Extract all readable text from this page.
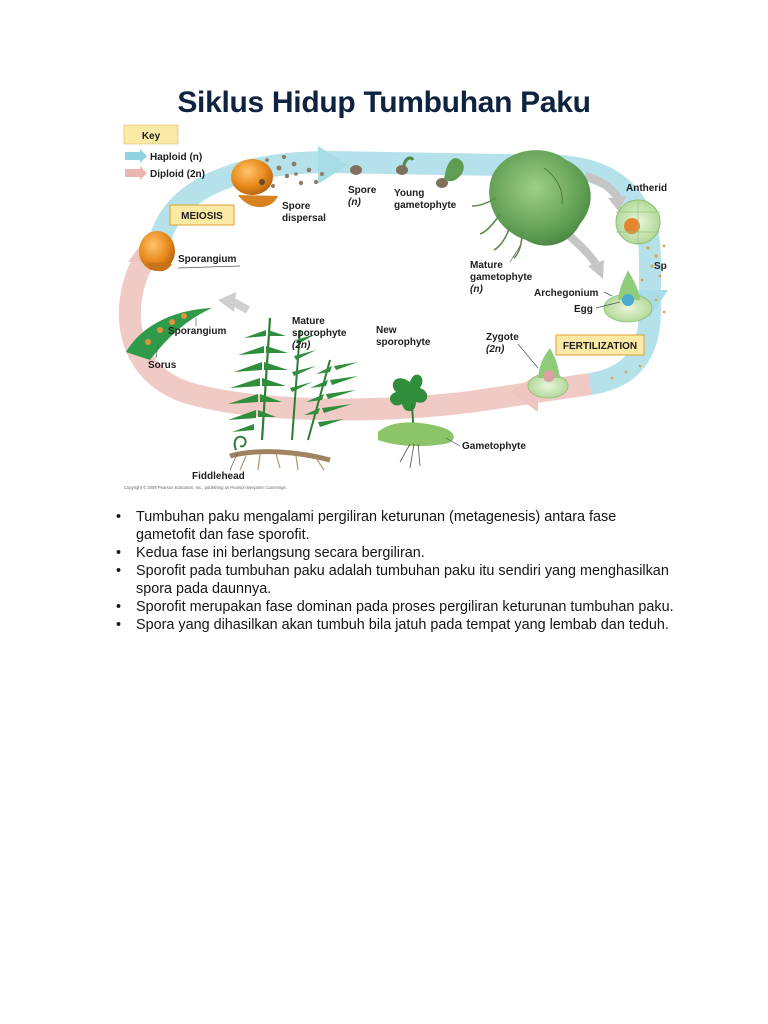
Siklus Hidup Tumbuhan Paku
Key
Haploid (n)
Diploid (2n)
MEIOSIS
FERTILIZATION
Spore
dispersal
Spore
(n)
Young
gametophyte
Antherid
Sp
Sporangium
Mature
gametophyte
(n)	Archegonium
Egg
Sporangium
Sorus
Mature
sporophyte
(2n)
New
sporophyte	Zygote
(2n)
Gametophyte
Fiddlehead
Copyright © 2008 Pearson Education, Inc., publishing as Pearson Benjamin Cummings.
• Tumbuhan paku mengalami pergiliran keturunan (metagenesis) antara fase gametofit dan fase sporofit.
• Kedua fase ini berlangsung secara bergiliran.
• Sporofit pada tumbuhan paku adalah tumbuhan paku itu sendiri yang menghasilkan spora pada daunnya.
• Sporofit merupakan fase dominan pada proses pergiliran keturunan tumbuhan paku.
• Spora yang dihasilkan akan tumbuh bila jatuh pada tempat yang lembab dan teduh.
